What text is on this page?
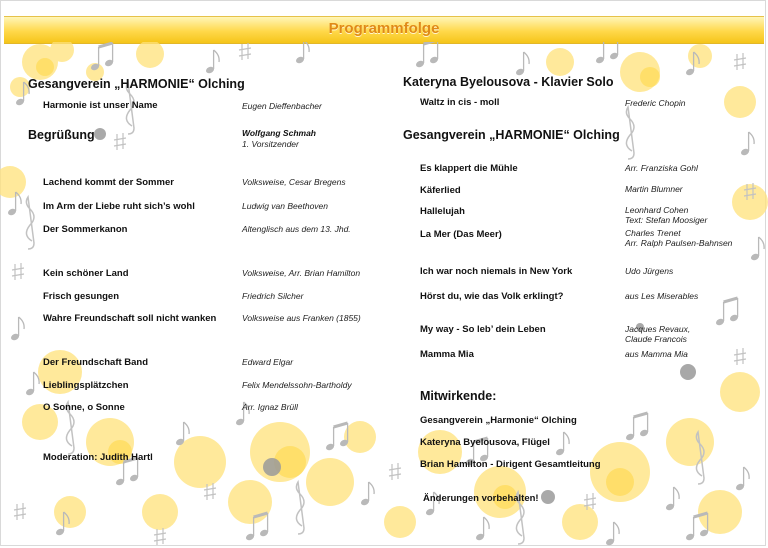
Programmfolge
Gesangverein „HARMONIE“ Olching
Harmonie ist unser Name	Eugen Dieffenbacher
Begrüßung	Wolfgang Schmah
1. Vorsitzender
Lachend kommt der Sommer	Volksweise, Cesar Bregens
Im Arm der Liebe ruht sich’s wohl	Ludwig van Beethoven
Der Sommerkanon	Altenglisch aus dem 13. Jhd.
Kein schöner Land	Volksweise, Arr. Brian Hamilton
Frisch gesungen	Friedrich Silcher
Wahre Freundschaft soll nicht wanken	Volksweise aus Franken (1855)
Der Freundschaft Band	Edward Elgar
Lieblingsplätzchen	Felix Mendelssohn-Bartholdy
O Sonne, o Sonne	Arr. Ignaz Brüll
Moderation: Judith Hartl
Kateryna Byelousova - Klavier Solo
Waltz in cis - moll	Frederic Chopin
Gesangverein „HARMONIE“ Olching
Es klappert die Mühle	Arr. Franziska Gohl
Käferlied	Martin Blumner
Hallelujah	Leonhard Cohen
Text: Stefan Moosiger
La Mer (Das Meer)	Charles Trenet
Arr. Ralph Paulsen-Bahnsen
Ich war noch niemals in New York	Udo Jürgens
Hörst du, wie das Volk erklingt?	aus Les Miserables
My way - So leb’ dein Leben	Jacques Revaux,
Claude Francois
Mamma Mia	aus Mamma Mia
Mitwirkende:
Gesangverein „Harmonie“ Olching
Kateryna Byelousova, Flügel
Brian Hamilton - Dirigent Gesamtleitung
Änderungen vorbehalten!
